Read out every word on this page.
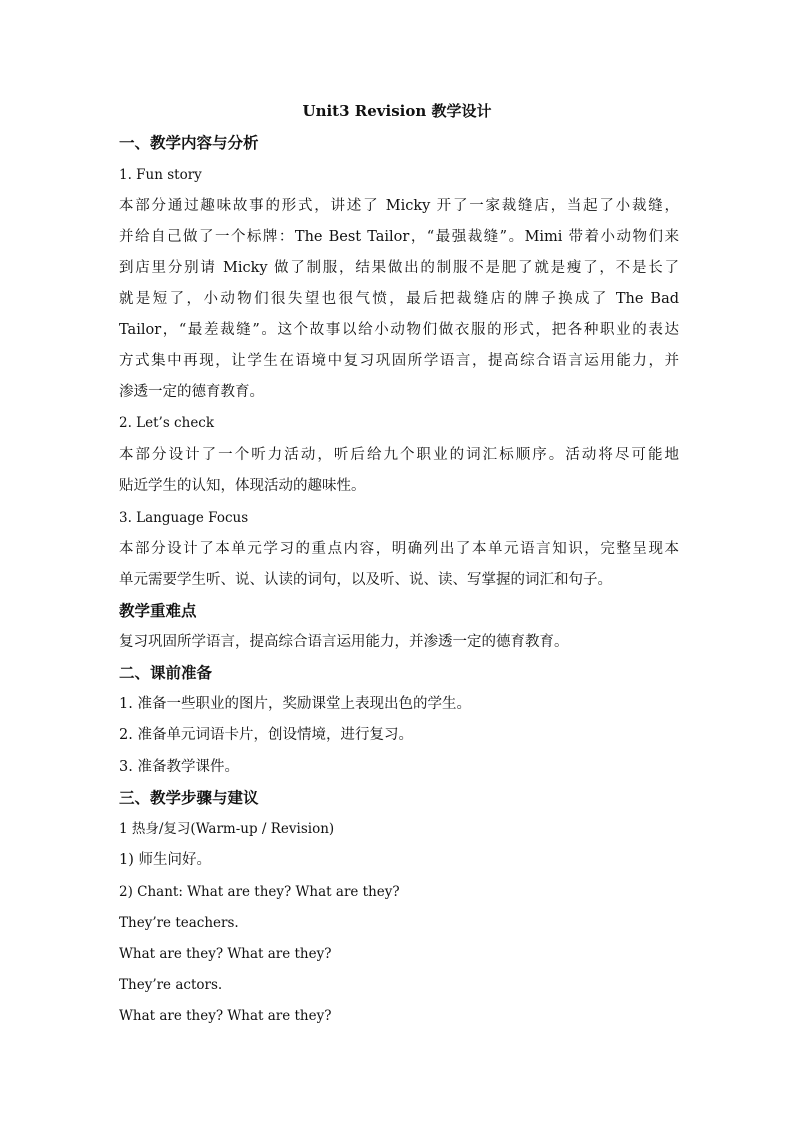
Unit3 Revision 教学设计
一、教学内容与分析
1. Fun story
本部分通过趣味故事的形式，讲述了 Micky 开了一家裁缝店，当起了小裁缝，
并给自己做了一个标牌：The Best Tailor，“最强裁缝”。Mimi 带着小动物们来
到店里分别请 Micky 做了制服，结果做出的制服不是肥了就是瘦了，不是长了
就是短了，小动物们很失望也很气愤，最后把裁缝店的牌子换成了 The Bad
Tailor，“最差裁缝”。这个故事以给小动物们做衣服的形式，把各种职业的表达
方式集中再现，让学生在语境中复习巩固所学语言，提高综合语言运用能力，并
渗透一定的德育教育。
2. Let’s check
本部分设计了一个听力活动，听后给九个职业的词汇标顺序。活动将尽可能地
贴近学生的认知，体现活动的趣味性。
3. Language Focus
本部分设计了本单元学习的重点内容，明确列出了本单元语言知识，完整呈现本
单元需要学生听、说、认读的词句，以及听、说、读、写掌握的词汇和句子。
教学重难点
复习巩固所学语言，提高综合语言运用能力，并渗透一定的德育教育。
二、课前准备
1. 准备一些职业的图片，奖励课堂上表现出色的学生。
2. 准备单元词语卡片，创设情境，进行复习。
3. 准备教学课件。
三、教学步骤与建议
1 热身/复习(Warm-up / Revision)
1) 师生问好。
2) Chant: What are they? What are they?
They’re teachers.
What are they? What are they?
They’re actors.
What are they? What are they?
